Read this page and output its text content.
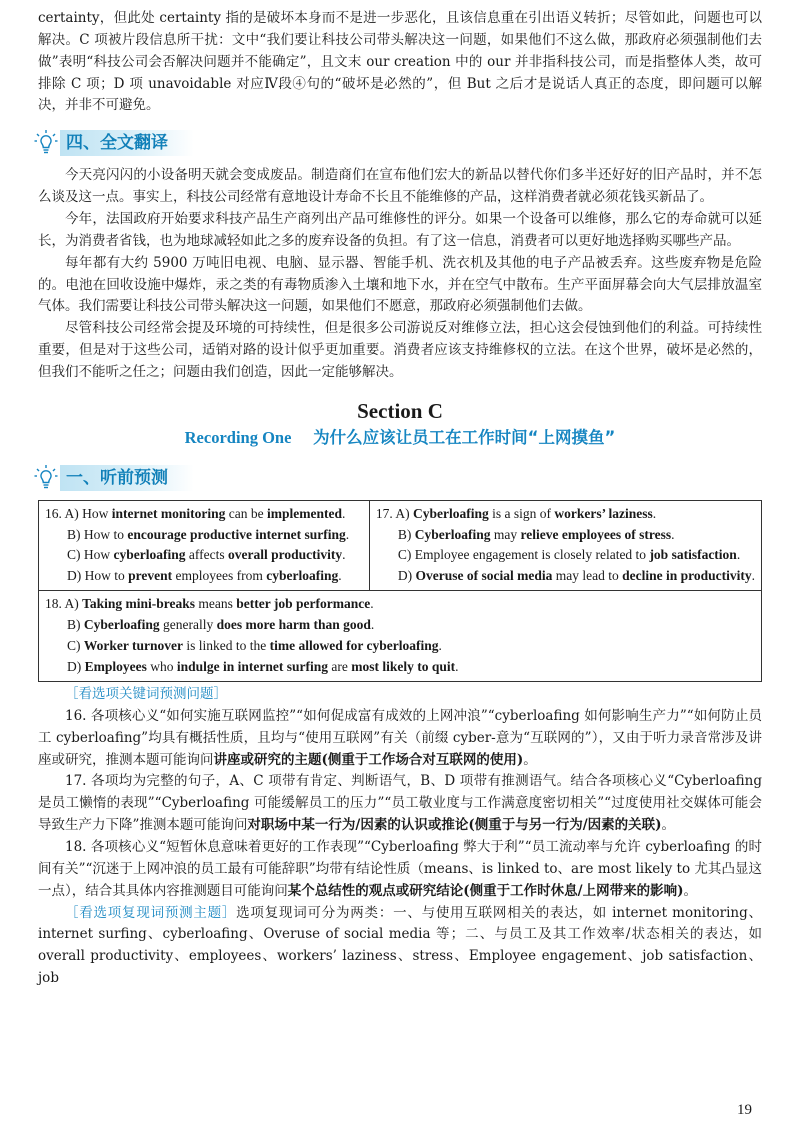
certainty，但此处 certainty 指的是破坏本身而不是进一步恶化，且该信息重在引出语义转折；尽管如此，问题也可以解决。C 项被片段信息所干扰：文中“我们要让科技公司带头解决这一问题，如果他们不这么做，那政府必须强制他们去做”表明“科技公司会否解决问题并不能确定”，且文末 our creation 中的 our 并非指科技公司，而是指整体人类，故可排除 C 项；D 项 unavoidable 对应Ⅳ段④句的“破坏是必然的”，但 But 之后才是说话人真正的态度，即问题可以解决，并非不可避免。

四、全文翻译

今天亮闪闪的小设备明天就会变成废品。制造商们在宣布他们宏大的新品以替代你们多半还好好的旧产品时，并不怎么谈及这一点。事实上，科技公司经常有意地设计寿命不长且不能维修的产品，这样消费者就必须花钱买新品了。

今年，法国政府开始要求科技产品生产商列出产品可维修性的评分。如果一个设备可以维修，那么它的寿命就可以延长，为消费者省钱，也为地球减轻如此之多的废弃设备的负担。有了这一信息，消费者可以更好地选择购买哪些产品。

每年都有大约 5900 万吨旧电视、电脑、显示器、智能手机、洗衣机及其他的电子产品被丢弃。这些废弃物是危险的。电池在回收设施中爆炸，汞之类的有毒物质渗入土壤和地下水，并在空气中散布。生产平面屏幕会向大气层排放温室气体。我们需要让科技公司带头解决这一问题，如果他们不愿意，那政府必须强制他们去做。

尽管科技公司经常会提及环境的可持续性，但是很多公司游说反对维修立法，担心这会侵蚀到他们的利益。可持续性重要，但是对于这些公司，适销对路的设计似乎更加重要。消费者应该支持维修权的立法。在这个世界，破坏是必然的，但我们不能听之任之；问题由我们创造，因此一定能够解决。

Section C
Recording One 为什么应该让员工在工作时间“上网摸鱼”
一、听前预测
16. A) How internet monitoring can be implemented.
B) How to encourage productive internet surfing.
C) How cyberloafing affects overall productivity.
D) How to prevent employees from cyberloafing.

17. A) Cyberloafing is a sign of workers’ laziness.
B) Cyberloafing may relieve employees of stress.
C) Employee engagement is closely related to job satisfaction.
D) Overuse of social media may lead to decline in productivity.

18. A) Taking mini-breaks means better job performance.
B) Cyberloafing generally does more harm than good.
C) Worker turnover is linked to the time allowed for cyberloafing.
D) Employees who indulge in internet surfing are most likely to quit.

［看选项关键词预测问题］

16. 各项核心义“如何实施互联网监控”“如何促成富有成效的上网冲浪”“cyberloafing 如何影响生产力”“如何防止员工 cyberloafing”均具有概括性质，且均与“使用互联网”有关（前缀 cyber-意为“互联网的”），又由于听力录音常涉及讲座或研究，推测本题可能询问讲座或研究的主题(侧重于工作场合对互联网的使用)。

17. 各项均为完整的句子，A、C 项带有肯定、判断语气，B、D 项带有推测语气。结合各项核心义“Cyberloafing 是员工懒惰的表现”“Cyberloafing 可能缓解员工的压力”“员工敬业度与工作满意度密切相关”“过度使用社交媒体可能会导致生产力下降”推测本题可能询问对职场中某一行为/因素的认识或推论(侧重于与另一行为/因素的关联)。

18. 各项核心义“短暂休息意味着更好的工作表现”“Cyberloafing 弊大于利”“员工流动率与允许 cyberloafing 的时间有关”“沉迷于上网冲浪的员工最有可能辞职”均带有结论性质（means、is linked to、are most likely to 尤其凸显这一点），结合其具体内容推测题目可能询问某个总结性的观点或研究结论(侧重于工作时休息/上网带来的影响)。

［看选项复现词预测主题］选项复现词可分为两类：一、与使用互联网相关的表达，如 internet monitoring、internet surfing、cyberloafing、Overuse of social media 等；二、与员工及其工作效率/状态相关的表达，如 overall productivity、employees、workers’ laziness、stress、Employee engagement、job satisfaction、job

19
